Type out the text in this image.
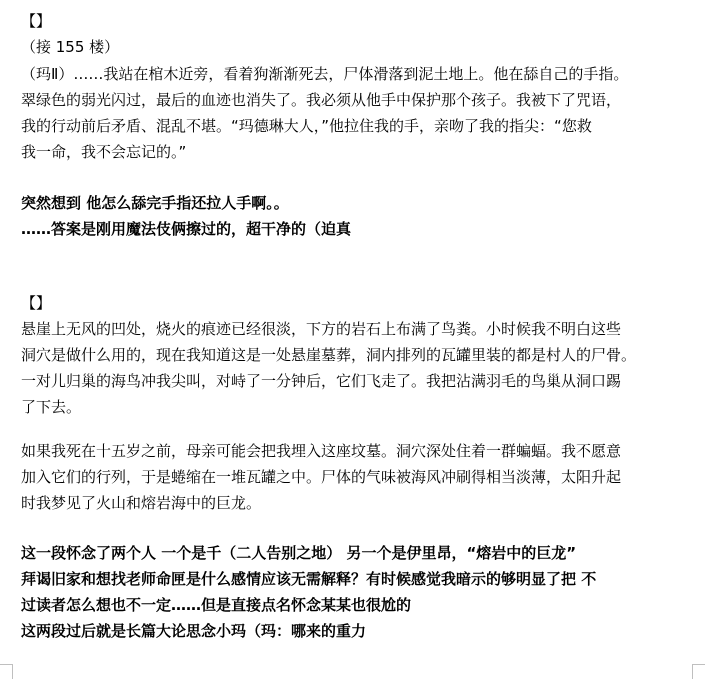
【】
（接 155 楼）
（玛Ⅱ）……我站在棺木近旁，看着狗渐渐死去，尸体滑落到泥土地上。他在舔自己的手指。
翠绿色的弱光闪过，最后的血迹也消失了。我必须从他手中保护那个孩子。我被下了咒语，
我的行动前后矛盾、混乱不堪。“玛德琳大人，”他拉住我的手，亲吻了我的指尖：“您救
我一命，我不会忘记的。”
突然想到 他怎么舔完手指还拉人手啊。。
……答案是刚用魔法伎俩擦过的，超干净的（迫真
【】
悬崖上无风的凹处，烧火的痕迹已经很淡，下方的岩石上布满了鸟粪。小时候我不明白这些
洞穴是做什么用的，现在我知道这是一处悬崖墓葬，洞内排列的瓦罐里装的都是村人的尸骨。
一对儿归巢的海鸟冲我尖叫，对峙了一分钟后，它们飞走了。我把沾满羽毛的鸟巢从洞口踢
了下去。
如果我死在十五岁之前，母亲可能会把我埋入这座坟墓。洞穴深处住着一群蝙蝠。我不愿意
加入它们的行列，于是蜷缩在一堆瓦罐之中。尸体的气味被海风冲刷得相当淡薄，太阳升起
时我梦见了火山和熔岩海中的巨龙。
这一段怀念了两个人 一个是千（二人告别之地） 另一个是伊里昂，“熔岩中的巨龙”
拜谒旧家和想找老师命匣是什么感情应该无需解释？有时候感觉我暗示的够明显了把 不
过读者怎么想也不一定……但是直接点名怀念某某也很尬的
这两段过后就是长篇大论思念小玛（玛：哪来的重力
